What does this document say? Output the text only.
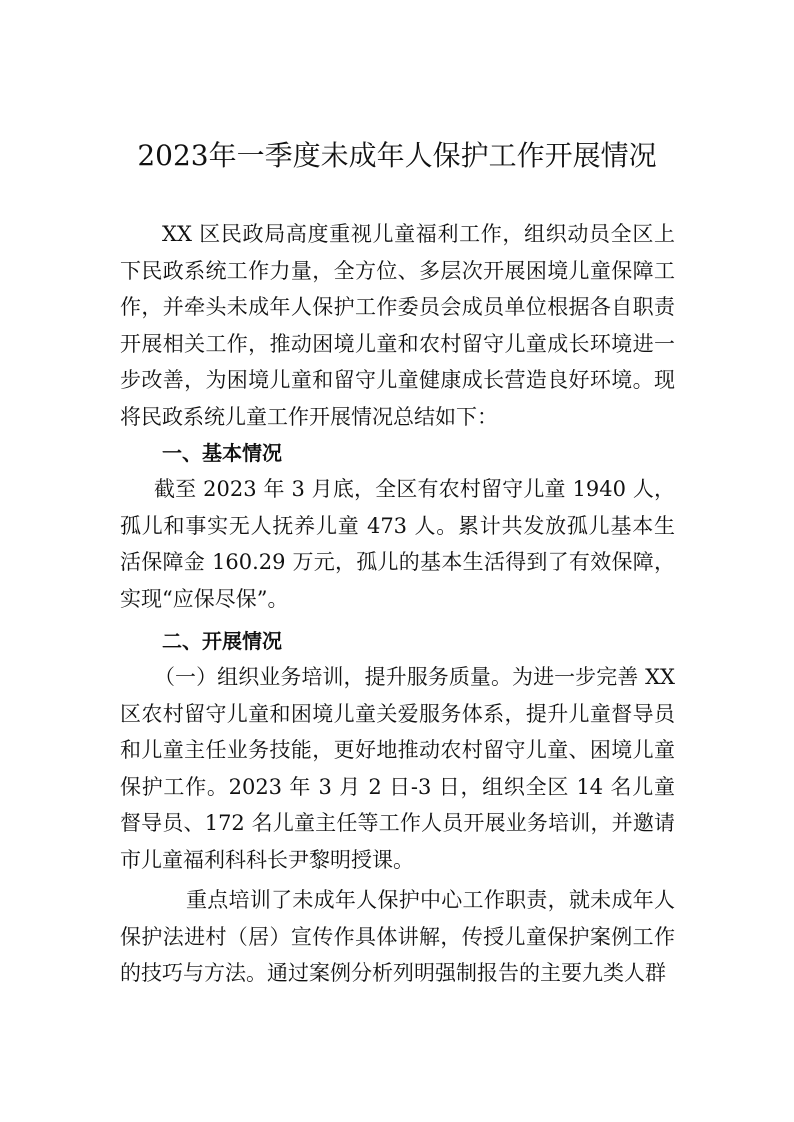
2023年一季度未成年人保护工作开展情况

XX 区民政局高度重视儿童福利工作，组织动员全区上下民政系统工作力量，全方位、多层次开展困境儿童保障工作，并牵头未成年人保护工作委员会成员单位根据各自职责开展相关工作，推动困境儿童和农村留守儿童成长环境进一步改善，为困境儿童和留守儿童健康成长营造良好环境。现将民政系统儿童工作开展情况总结如下：

一、基本情况

截至 2023 年 3 月底，全区有农村留守儿童 1940 人，孤儿和事实无人抚养儿童 473 人。累计共发放孤儿基本生活保障金 160.29 万元，孤儿的基本生活得到了有效保障，实现“应保尽保”。

二、开展情况

（一）组织业务培训，提升服务质量。为进一步完善 XX 区农村留守儿童和困境儿童关爱服务体系，提升儿童督导员和儿童主任业务技能，更好地推动农村留守儿童、困境儿童保护工作。2023 年 3 月 2 日-3 日，组织全区 14 名儿童督导员、172 名儿童主任等工作人员开展业务培训，并邀请市儿童福利科科长尹黎明授课。

重点培训了未成年人保护中心工作职责，就未成年人保护法进村（居）宣传作具体讲解，传授儿童保护案例工作的技巧与方法。通过案例分析列明强制报告的主要九类人群
